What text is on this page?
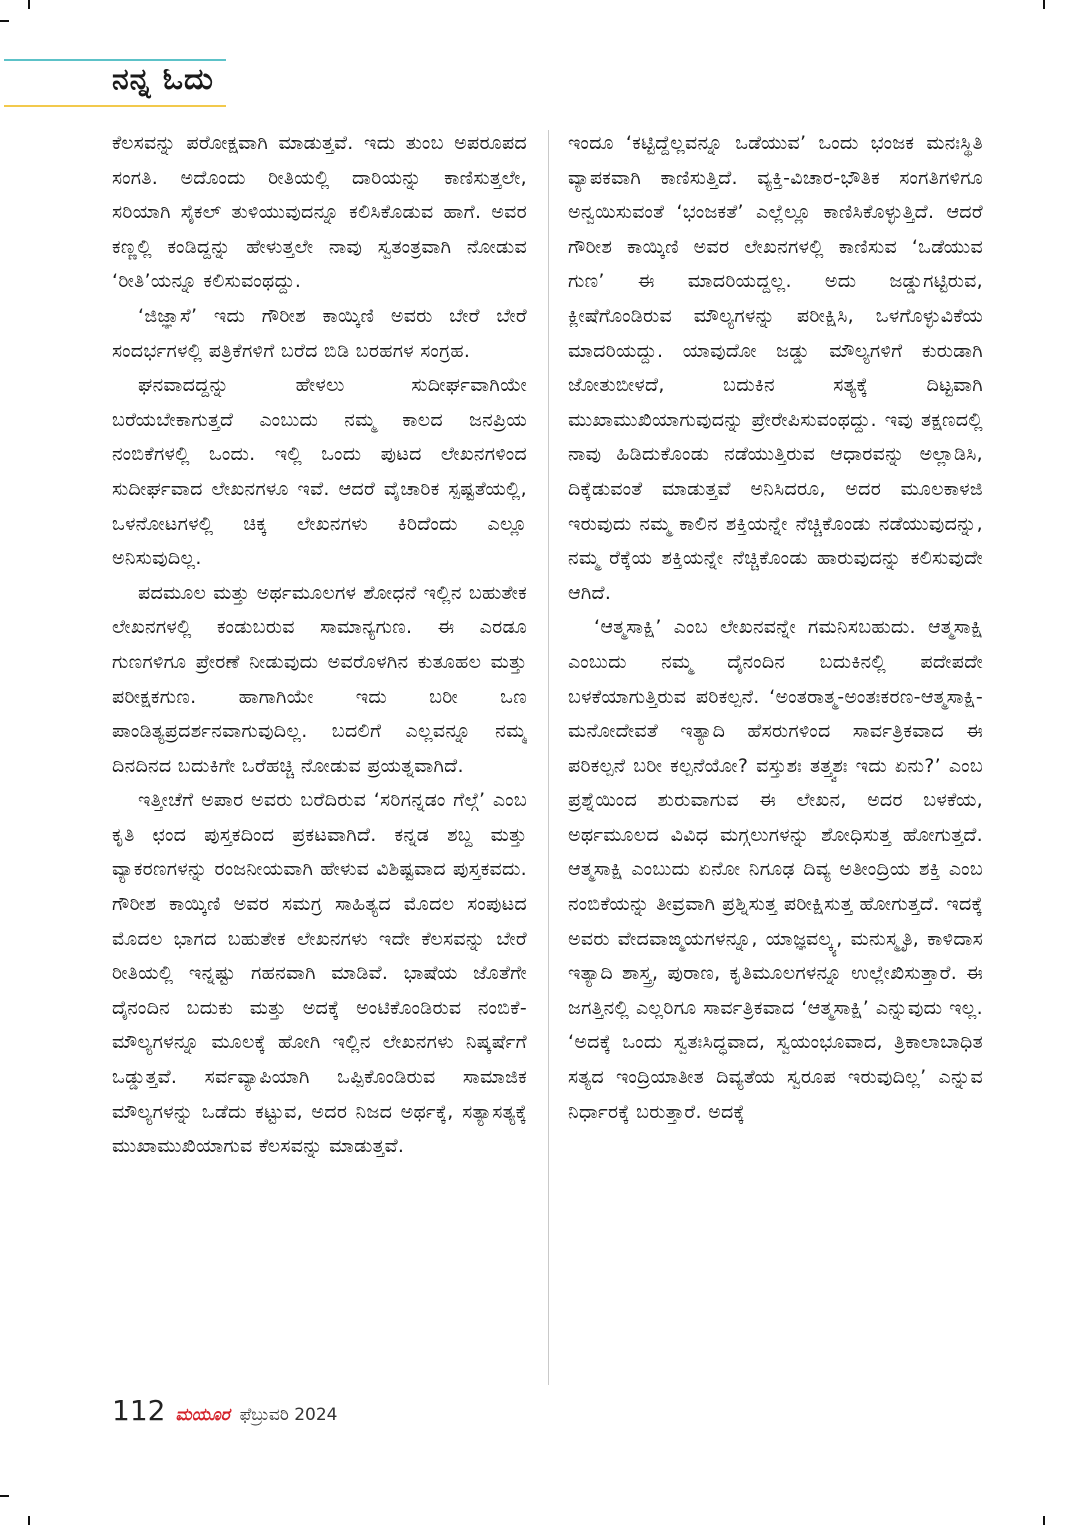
ನನ್ನ ಓದು

ಕೆಲಸವನ್ನು ಪರೋಕ್ಷವಾಗಿ ಮಾಡುತ್ತವೆ. ಇದು ತುಂಬ ಅಪರೂಪದ ಸಂಗತಿ. ಅದೊಂದು ರೀತಿಯಲ್ಲಿ ದಾರಿಯನ್ನು ಕಾಣಿಸುತ್ತಲೇ, ಸರಿಯಾಗಿ ಸೈಕಲ್ ತುಳಿಯುವುದನ್ನೂ ಕಲಿಸಿಕೊಡುವ ಹಾಗೆ. ಅವರ ಕಣ್ಣಲ್ಲಿ ಕಂಡಿದ್ದನ್ನು ಹೇಳುತ್ತಲೇ ನಾವು ಸ್ವತಂತ್ರವಾಗಿ ನೋಡುವ ‘ರೀತಿ’ಯನ್ನೂ ಕಲಿಸುವಂಥದ್ದು.

‘ಜಿಜ್ಞಾಸೆ’ ಇದು ಗೌರೀಶ ಕಾಯ್ಕಿಣಿ ಅವರು ಬೇರೆ ಬೇರೆ ಸಂದರ್ಭಗಳಲ್ಲಿ ಪತ್ರಿಕೆಗಳಿಗೆ ಬರೆದ ಬಿಡಿ ಬರಹಗಳ ಸಂಗ್ರಹ.

ಘನವಾದದ್ದನ್ನು ಹೇಳಲು ಸುದೀರ್ಘವಾಗಿಯೇ ಬರೆಯಬೇಕಾಗುತ್ತದೆ ಎಂಬುದು ನಮ್ಮ ಕಾಲದ ಜನಪ್ರಿಯ ನಂಬಿಕೆಗಳಲ್ಲಿ ಒಂದು. ಇಲ್ಲಿ ಒಂದು ಪುಟದ ಲೇಖನಗಳಿಂದ ಸುದೀರ್ಘವಾದ ಲೇಖನಗಳೂ ಇವೆ. ಆದರೆ ವೈಚಾರಿಕ ಸ್ಪಷ್ಟತೆಯಲ್ಲಿ, ಒಳನೋಟಗಳಲ್ಲಿ ಚಿಕ್ಕ ಲೇಖನಗಳು ಕಿರಿದೆಂದು ಎಲ್ಲೂ ಅನಿಸುವುದಿಲ್ಲ.

ಪದಮೂಲ ಮತ್ತು ಅರ್ಥಮೂಲಗಳ ಶೋಧನೆ ಇಲ್ಲಿನ ಬಹುತೇಕ ಲೇಖನಗಳಲ್ಲಿ ಕಂಡುಬರುವ ಸಾಮಾನ್ಯಗುಣ. ಈ ಎರಡೂ ಗುಣಗಳಿಗೂ ಪ್ರೇರಣೆ ನೀಡುವುದು ಅವರೊಳಗಿನ ಕುತೂಹಲ ಮತ್ತು ಪರೀಕ್ಷಕಗುಣ. ಹಾಗಾಗಿಯೇ ಇದು ಬರೀ ಒಣ ಪಾಂಡಿತ್ಯಪ್ರದರ್ಶನವಾಗುವುದಿಲ್ಲ. ಬದಲಿಗೆ ಎಲ್ಲವನ್ನೂ ನಮ್ಮ ದಿನದಿನದ ಬದುಕಿಗೇ ಒರೆಹಚ್ಚಿ ನೋಡುವ ಪ್ರಯತ್ನವಾಗಿದೆ.

ಇತ್ತೀಚೆಗೆ ಅಪಾರ ಅವರು ಬರೆದಿರುವ ‘ಸರಿಗನ್ನಡಂ ಗೆಲ್ಗೆ’ ಎಂಬ ಕೃತಿ ಛಂದ ಪುಸ್ತಕದಿಂದ ಪ್ರಕಟವಾಗಿದೆ. ಕನ್ನಡ ಶಬ್ದ ಮತ್ತು ವ್ಯಾಕರಣಗಳನ್ನು ರಂಜನೀಯವಾಗಿ ಹೇಳುವ ವಿಶಿಷ್ಟವಾದ ಪುಸ್ತಕವದು. ಗೌರೀಶ ಕಾಯ್ಕಿಣಿ ಅವರ ಸಮಗ್ರ ಸಾಹಿತ್ಯದ ಮೊದಲ ಸಂಪುಟದ ಮೊದಲ ಭಾಗದ ಬಹುತೇಕ ಲೇಖನಗಳು ಇದೇ ಕೆಲಸವನ್ನು ಬೇರೆ ರೀತಿಯಲ್ಲಿ ಇನ್ನಷ್ಟು ಗಹನವಾಗಿ ಮಾಡಿವೆ. ಭಾಷೆಯ ಜೊತೆಗೇ ದೈನಂದಿನ ಬದುಕು ಮತ್ತು ಅದಕ್ಕೆ ಅಂಟಿಕೊಂಡಿರುವ ನಂಬಿಕೆ-ಮೌಲ್ಯಗಳನ್ನೂ ಮೂಲಕ್ಕೆ ಹೋಗಿ ಇಲ್ಲಿನ ಲೇಖನಗಳು ನಿಷ್ಕರ್ಷೆಗೆ ಒಡ್ಡುತ್ತವೆ. ಸರ್ವವ್ಯಾಪಿಯಾಗಿ ಒಪ್ಪಿಕೊಂಡಿರುವ ಸಾಮಾಜಿಕ ಮೌಲ್ಯಗಳನ್ನು ಒಡೆದು ಕಟ್ಟುವ, ಅದರ ನಿಜದ ಅರ್ಥಕ್ಕೆ, ಸತ್ಯಾಸತ್ಯಕ್ಕೆ ಮುಖಾಮುಖಿಯಾಗುವ ಕೆಲಸವನ್ನು ಮಾಡುತ್ತವೆ.

ಇಂದೂ ‘ಕಟ್ಟಿದ್ದೆಲ್ಲವನ್ನೂ ಒಡೆಯುವ’ ಒಂದು ಭಂಜಕ ಮನಃಸ್ಥಿತಿ ವ್ಯಾಪಕವಾಗಿ ಕಾಣಿಸುತ್ತಿದೆ. ವ್ಯಕ್ತಿ-ವಿಚಾರ-ಭೌತಿಕ ಸಂಗತಿಗಳಿಗೂ ಅನ್ವಯಿಸುವಂತೆ ‘ಭಂಜಕತೆ’ ಎಲ್ಲೆಲ್ಲೂ ಕಾಣಿಸಿಕೊಳ್ಳುತ್ತಿದೆ. ಆದರೆ ಗೌರೀಶ ಕಾಯ್ಕಿಣಿ ಅವರ ಲೇಖನಗಳಲ್ಲಿ ಕಾಣಿಸುವ ‘ಒಡೆಯುವ ಗುಣ’ ಈ ಮಾದರಿಯದ್ದಲ್ಲ. ಅದು ಜಡ್ಡುಗಟ್ಟಿರುವ, ಕ್ಲೀಷೆಗೊಂಡಿರುವ ಮೌಲ್ಯಗಳನ್ನು ಪರೀಕ್ಷಿಸಿ, ಒಳಗೊಳ್ಳುವಿಕೆಯ ಮಾದರಿಯದ್ದು. ಯಾವುದೋ ಜಡ್ಡು ಮೌಲ್ಯಗಳಿಗೆ ಕುರುಡಾಗಿ ಜೋತುಬೀಳದೆ, ಬದುಕಿನ ಸತ್ಯಕ್ಕೆ ದಿಟ್ಟವಾಗಿ ಮುಖಾಮುಖಿಯಾಗುವುದನ್ನು ಪ್ರೇರೇಪಿಸುವಂಥದ್ದು. ಇವು ತಕ್ಷಣದಲ್ಲಿ ನಾವು ಹಿಡಿದುಕೊಂಡು ನಡೆಯುತ್ತಿರುವ ಆಧಾರವನ್ನು ಅಲ್ಲಾಡಿಸಿ, ದಿಕ್ಕೆಡುವಂತೆ ಮಾಡುತ್ತವೆ ಅನಿಸಿದರೂ, ಅದರ ಮೂಲಕಾಳಜಿ ಇರುವುದು ನಮ್ಮ ಕಾಲಿನ ಶಕ್ತಿಯನ್ನೇ ನೆಚ್ಚಿಕೊಂಡು ನಡೆಯುವುದನ್ನು, ನಮ್ಮ ರೆಕ್ಕೆಯ ಶಕ್ತಿಯನ್ನೇ ನೆಚ್ಚಿಕೊಂಡು ಹಾರುವುದನ್ನು ಕಲಿಸುವುದೇ ಆಗಿದೆ.

‘ಆತ್ಮಸಾಕ್ಷಿ’ ಎಂಬ ಲೇಖನವನ್ನೇ ಗಮನಿಸಬಹುದು. ಆತ್ಮಸಾಕ್ಷಿ ಎಂಬುದು ನಮ್ಮ ದೈನಂದಿನ ಬದುಕಿನಲ್ಲಿ ಪದೇಪದೇ ಬಳಕೆಯಾಗುತ್ತಿರುವ ಪರಿಕಲ್ಪನೆ. ‘ಅಂತರಾತ್ಮ-ಅಂತಃಕರಣ-ಆತ್ಮಸಾಕ್ಷಿ-ಮನೋದೇವತೆ ಇತ್ಯಾದಿ ಹೆಸರುಗಳಿಂದ ಸಾರ್ವತ್ರಿಕವಾದ ಈ ಪರಿಕಲ್ಪನೆ ಬರೀ ಕಲ್ಪನೆಯೋ? ವಸ್ತುಶಃ ತತ್ತ್ವಶಃ ಇದು ಏನು?’ ಎಂಬ ಪ್ರಶ್ನೆಯಿಂದ ಶುರುವಾಗುವ ಈ ಲೇಖನ, ಅದರ ಬಳಕೆಯ, ಅರ್ಥಮೂಲದ ವಿವಿಧ ಮಗ್ಗಲುಗಳನ್ನು ಶೋಧಿಸುತ್ತ ಹೋಗುತ್ತದೆ. ಆತ್ಮಸಾಕ್ಷಿ ಎಂಬುದು ಏನೋ ನಿಗೂಢ ದಿವ್ಯ ಅತೀಂದ್ರಿಯ ಶಕ್ತಿ ಎಂಬ ನಂಬಿಕೆಯನ್ನು ತೀವ್ರವಾಗಿ ಪ್ರಶ್ನಿಸುತ್ತ ಪರೀಕ್ಷಿಸುತ್ತ ಹೋಗುತ್ತದೆ. ಇದಕ್ಕೆ ಅವರು ವೇದವಾಙ್ಮಯಗಳನ್ನೂ, ಯಾಜ್ಞವಲ್ಕ್ಯ, ಮನುಸ್ಮೃತಿ, ಕಾಳಿದಾಸ ಇತ್ಯಾದಿ ಶಾಸ್ತ್ರ, ಪುರಾಣ, ಕೃತಿಮೂಲಗಳನ್ನೂ ಉಲ್ಲೇಖಿಸುತ್ತಾರೆ. ಈ ಜಗತ್ತಿನಲ್ಲಿ ಎಲ್ಲರಿಗೂ ಸಾರ್ವತ್ರಿಕವಾದ ‘ಆತ್ಮಸಾಕ್ಷಿ’ ಎನ್ನುವುದು ಇಲ್ಲ. ‘ಅದಕ್ಕೆ ಒಂದು ಸ್ವತಃಸಿದ್ಧವಾದ, ಸ್ವಯಂಭೂವಾದ, ತ್ರಿಕಾಲಾಬಾಧಿತ ಸತ್ಯದ ಇಂದ್ರಿಯಾತೀತ ದಿವ್ಯತೆಯ ಸ್ವರೂಪ ಇರುವುದಿಲ್ಲ’ ಎನ್ನುವ ನಿರ್ಧಾರಕ್ಕೆ ಬರುತ್ತಾರೆ. ಅದಕ್ಕೆ

112 ಮಯೂರ ಫೆಬ್ರುವರಿ 2024
